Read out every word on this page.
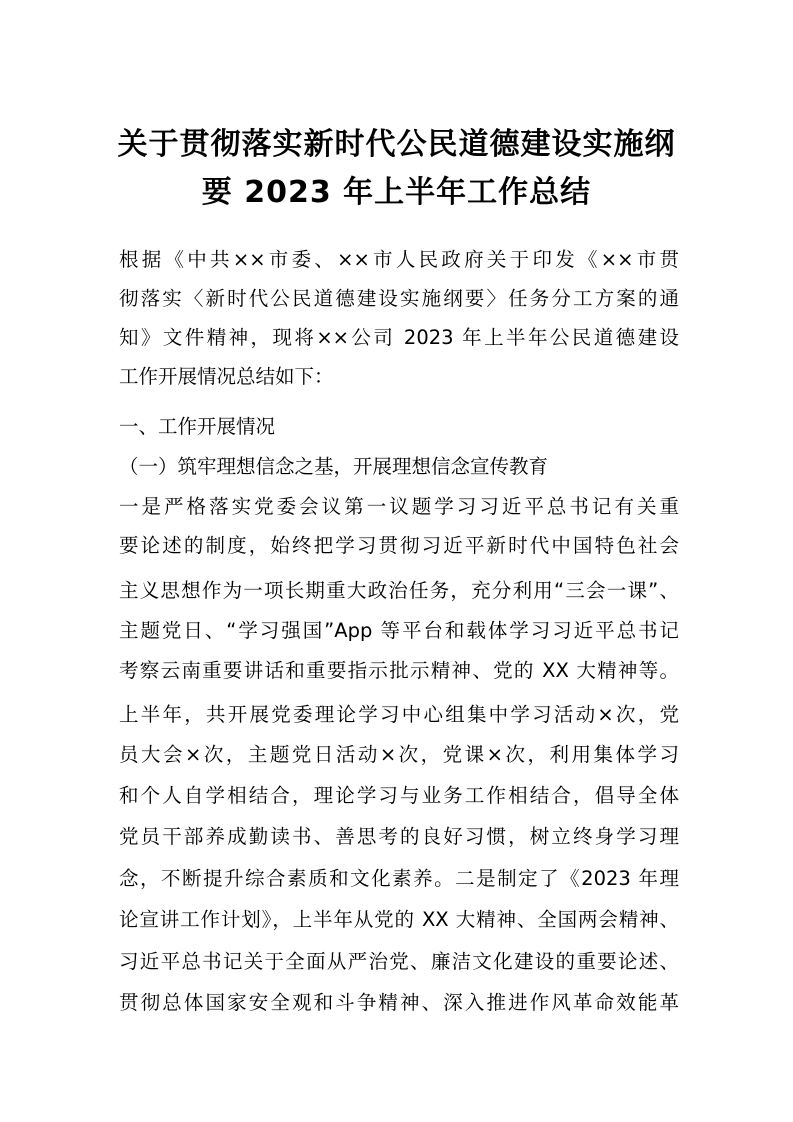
关于贯彻落实新时代公民道德建设实施纲
要 2023 年上半年工作总结
根据《中共××市委、××市人民政府关于印发《××市贯
彻落实〈新时代公民道德建设实施纲要〉任务分工方案的通
知》文件精神，现将××公司 2023 年上半年公民道德建设
工作开展情况总结如下：
一、工作开展情况
（一）筑牢理想信念之基，开展理想信念宣传教育
一是严格落实党委会议第一议题学习习近平总书记有关重
要论述的制度，始终把学习贯彻习近平新时代中国特色社会
主义思想作为一项长期重大政治任务，充分利用“三会一课”、
主题党日、“学习强国”App 等平台和载体学习习近平总书记
考察云南重要讲话和重要指示批示精神、党的 XX 大精神等。
上半年，共开展党委理论学习中心组集中学习活动×次，党
员大会×次，主题党日活动×次，党课×次，利用集体学习
和个人自学相结合，理论学习与业务工作相结合，倡导全体
党员干部养成勤读书、善思考的良好习惯，树立终身学习理
念，不断提升综合素质和文化素养。二是制定了《2023 年理
论宣讲工作计划》，上半年从党的 XX 大精神、全国两会精神、
习近平总书记关于全面从严治党、廉洁文化建设的重要论述、
贯彻总体国家安全观和斗争精神、深入推进作风革命效能革
